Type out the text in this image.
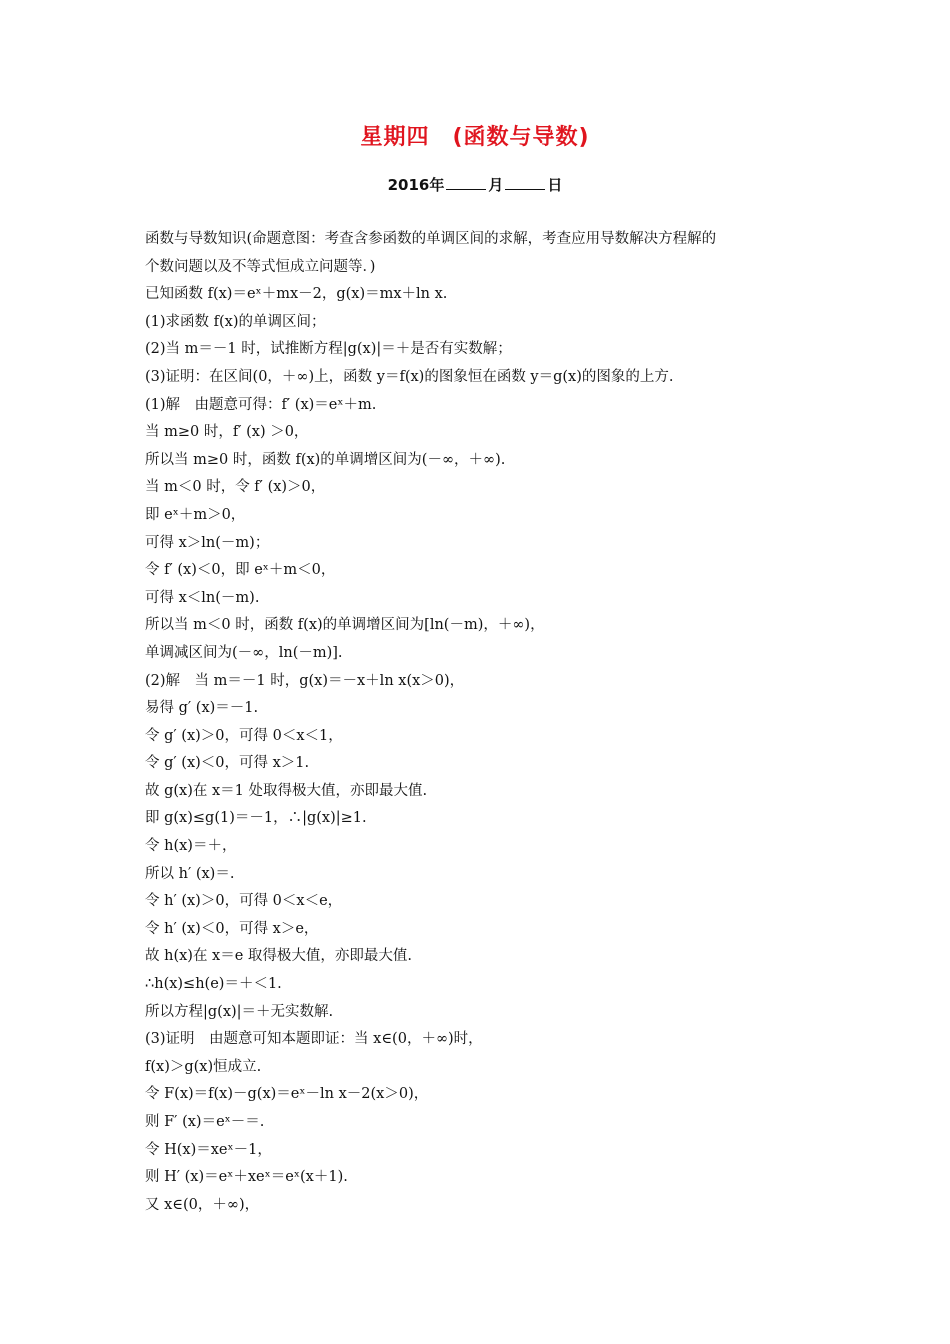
星期四　(函数与导数)
2016年	月	日
函数与导数知识(命题意图：考查含参函数的单调区间的求解，考查应用导数解决方程解的
个数问题以及不等式恒成立问题等．)
已知函数 f(x)＝eˣ＋mx－2，g(x)＝mx＋ln x.
(1)求函数 f(x)的单调区间；
(2)当 m＝－1 时，试推断方程|g(x)|＝＋是否有实数解；
(3)证明：在区间(0，＋∞)上，函数 y＝f(x)的图象恒在函数 y＝g(x)的图象的上方.
(1)解　由题意可得：f′ (x)＝eˣ＋m.
当 m≥0 时，f′ (x) ＞0，
所以当 m≥0 时，函数 f(x)的单调增区间为(－∞，＋∞).
当 m＜0 时，令 f′ (x)＞0，
即 eˣ＋m＞0，
可得 x＞ln(－m)；
令 f′ (x)＜0，即 eˣ＋m＜0，
可得 x＜ln(－m).
所以当 m＜0 时，函数 f(x)的单调增区间为[ln(－m)，＋∞)，
单调减区间为(－∞，ln(－m)].
(2)解　当 m＝－1 时，g(x)＝－x＋ln x(x＞0)，
易得 g′ (x)＝－1.
令 g′ (x)＞0，可得 0＜x＜1，
令 g′ (x)＜0，可得 x＞1.
故 g(x)在 x＝1 处取得极大值，亦即最大值.
即 g(x)≤g(1)＝－1，∴|g(x)|≥1.
令 h(x)＝＋，
所以 h′ (x)＝.
令 h′ (x)＞0，可得 0＜x＜e，
令 h′ (x)＜0，可得 x＞e，
故 h(x)在 x＝e 取得极大值，亦即最大值.
∴h(x)≤h(e)＝＋＜1.
所以方程|g(x)|＝＋无实数解.
(3)证明　由题意可知本题即证：当 x∈(0，＋∞)时，
f(x)＞g(x)恒成立.
令 F(x)＝f(x)－g(x)＝eˣ－ln x－2(x＞0)，
则 F′ (x)＝eˣ－＝.
令 H(x)＝xeˣ－1，
则 H′ (x)＝eˣ＋xeˣ＝eˣ(x＋1).
又 x∈(0，＋∞)，
